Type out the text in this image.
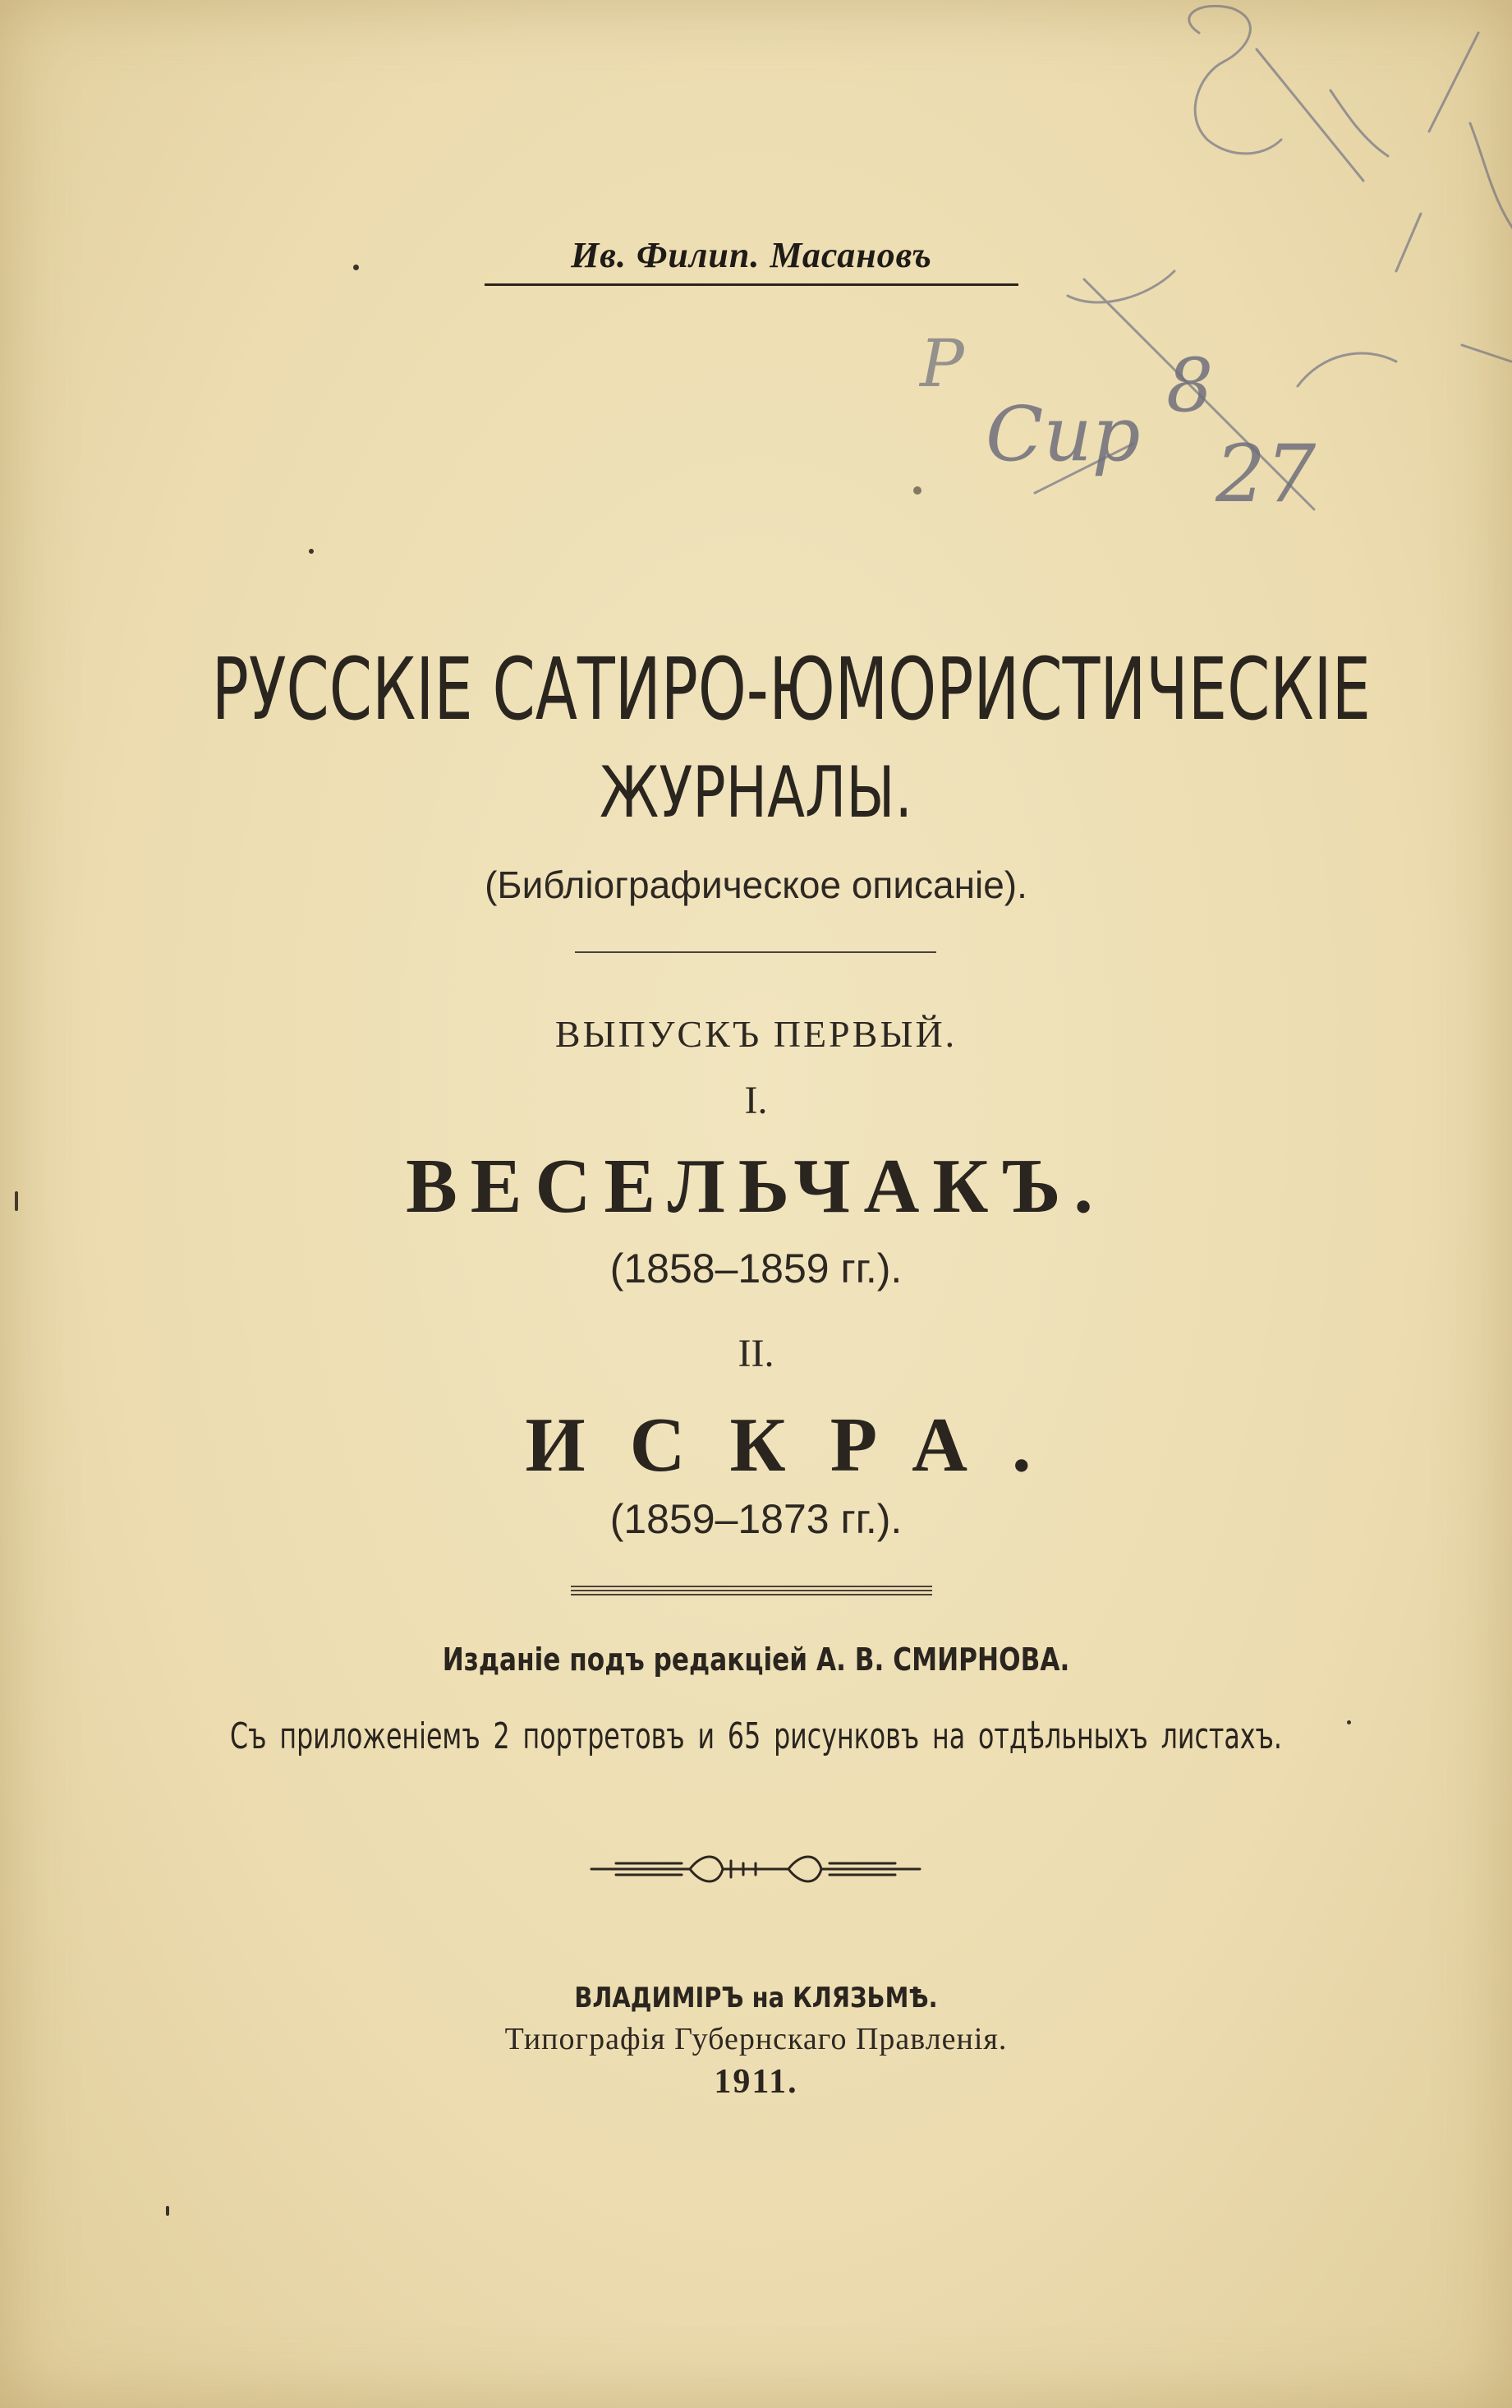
Сир
8
27
P
Ив. Филип. Масановъ
РУССКІЕ САТИРО-ЮМОРИСТИЧЕСКІЕ
ЖУРНАЛЫ.
(Библіографическое описаніе).
ВЫПУСКЪ ПЕРВЫЙ.
I.
ВЕСЕЛЬЧАКЪ.
(1858–1859 гг.).
II.
ИСКРА.
(1859–1873 гг.).
Изданіе подъ редакціей А. В. СМИРНОВА.
Съ приложеніемъ 2 портретовъ и 65 рисунковъ на отдѣльныхъ листахъ.
ВЛАДИМІРЪ на КЛЯЗЬМѢ.
Типографія Губернскаго Правленія.
1911.
